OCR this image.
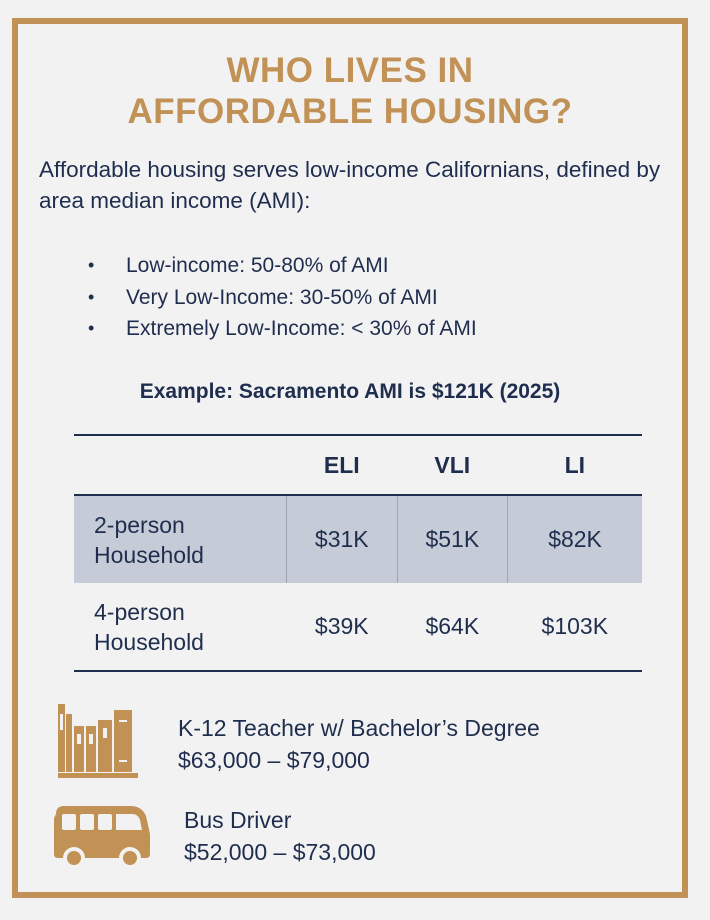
WHO LIVES IN
AFFORDABLE HOUSING?
Affordable housing serves low-income Californians, defined by area median income (AMI):
• Low-income: 50-80% of AMI
• Very Low-Income: 30-50% of AMI
• Extremely Low-Income: < 30% of AMI
Example: Sacramento AMI is $121K (2025)
	ELI	VLI	LI

2-person
Household	$31K	$51K	$82K

4-person
Household	$39K	$64K	$103K
K-12 Teacher w/ Bachelor’s Degree
$63,000 – $79,000
Bus Driver
$52,000 – $73,000
